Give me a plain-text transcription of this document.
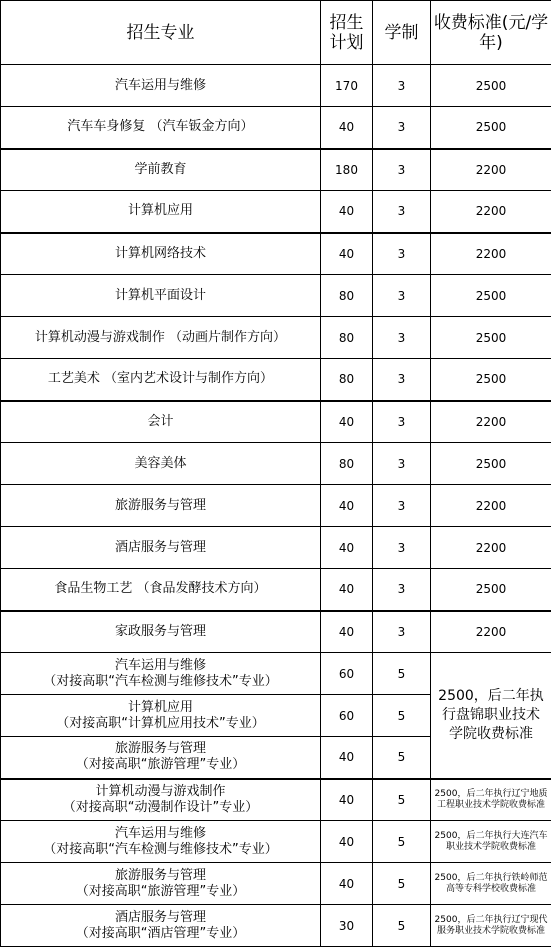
招生专业	招生计划	学制	收费标准(元/学年)
汽车运用与维修	170	3	2500
汽车车身修复 （汽车钣金方向）	40	3	2500
学前教育	180	3	2200
计算机应用	40	3	2200
计算机网络技术	40	3	2200
计算机平面设计	80	3	2500
计算机动漫与游戏制作 （动画片制作方向）	80	3	2500
工艺美术 （室内艺术设计与制作方向）	80	3	2500
会计	40	3	2200
美容美体	80	3	2500
旅游服务与管理	40	3	2200
酒店服务与管理	40	3	2200
食品生物工艺 （食品发酵技术方向）	40	3	2500
家政服务与管理	40	3	2200

汽车运用与维修
（对接高职“汽车检测与维修技术”专业）	60	5	2500，后二年执行盘锦职业技术学院收费标准

计算机应用
（对接高职“计算机应用技术”专业）	60	5	

旅游服务与管理
（对接高职“旅游管理”专业）	40	5	

计算机动漫与游戏制作
（对接高职“动漫制作设计”专业）	40	5	2500，后二年执行辽宁地质工程职业技术学院收费标准

汽车运用与维修
（对接高职“汽车检测与维修技术”专业）	40	5	2500，后二年执行大连汽车职业技术学院收费标准

旅游服务与管理
（对接高职“旅游管理”专业）	40	5	2500，后二年执行铁岭师范高等专科学校收费标准

酒店服务与管理
（对接高职“酒店管理”专业）	30	5	2500，后二年执行辽宁现代服务职业技术学院收费标准
